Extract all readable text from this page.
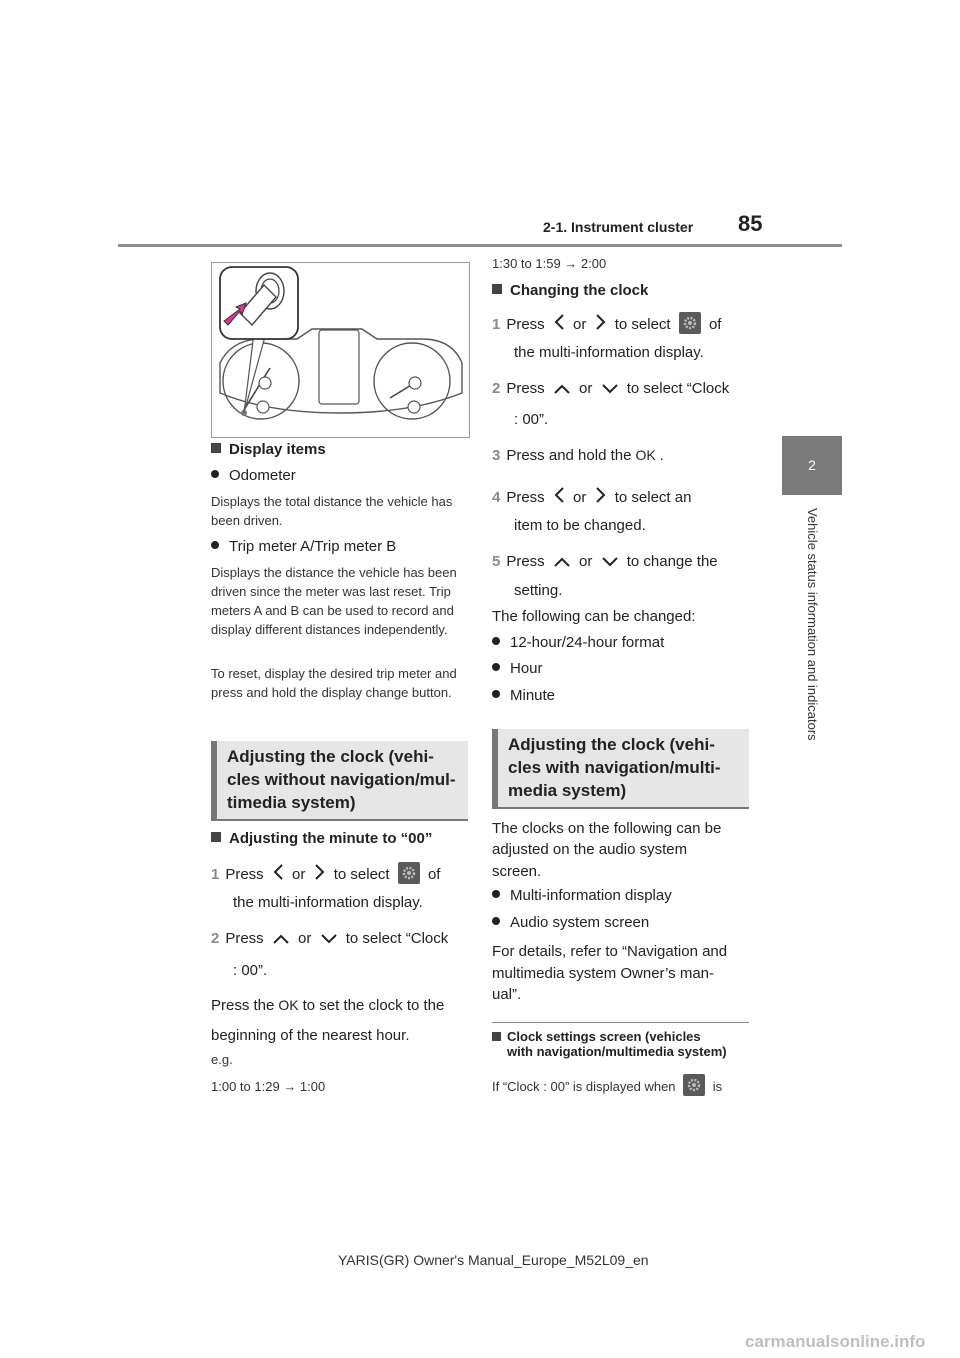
2-1. Instrument cluster 85
2
Vehicle status information and indicators
Display items
Odometer
Displays the total distance the vehicle has been driven.
Trip meter A/Trip meter B
Displays the distance the vehicle has been driven since the meter was last reset. Trip meters A and B can be used to record and display different distances independently.
To reset, display the desired trip meter and press and hold the display change button.
Adjusting the clock (vehi-
cles without navigation/mul-
timedia system)
Adjusting the minute to “00”
1 Press or to select	of
the multi-information display.
2 Press or to select “Clock
: 00”.
Press the OK to set the clock to the
beginning of the nearest hour.
e.g.
1:00 to 1:29 → 1:00
1:30 to 1:59 → 2:00
Changing the clock
1 Press or to select	of
the multi-information display.
2 Press or to select “Clock
: 00”.
3 Press and hold the OK .
4 Press or to select an
item to be changed.
5 Press or to change the
setting.
The following can be changed:
12-hour/24-hour format
Hour
Minute
Adjusting the clock (vehi-
cles with navigation/multi-
media system)
The clocks on the following can be
adjusted on the audio system
screen.
Multi-information display
Audio system screen
For details, refer to “Navigation and
multimedia system Owner’s man-
ual”.
Clock settings screen (vehicles
with navigation/multimedia system)
If “Clock : 00” is displayed when	is
YARIS(GR) Owner's Manual_Europe_M52L09_en
carmanualsonline.info
